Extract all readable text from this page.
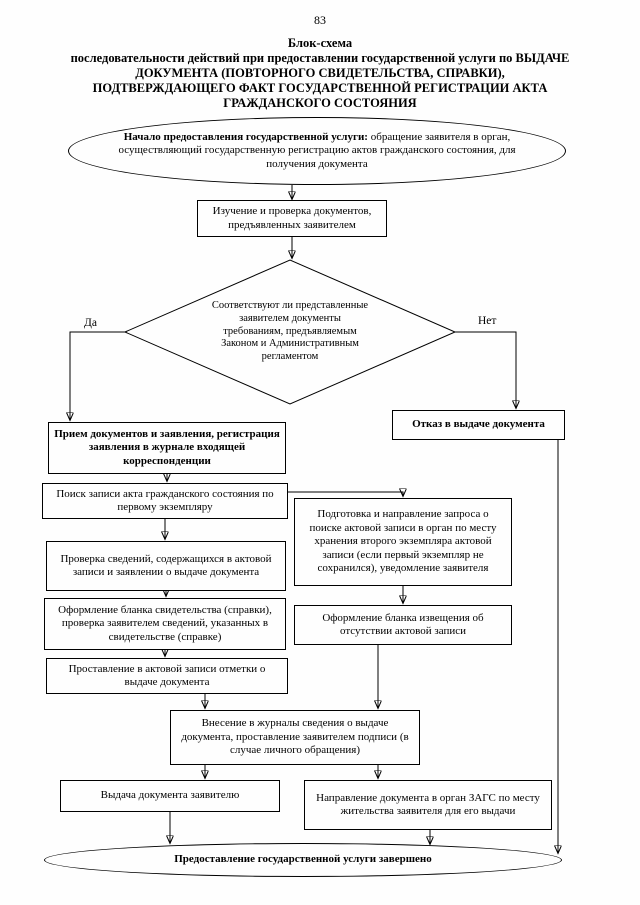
83
Блок-схема
последовательности действий при предоставлении государственной услуги по ВЫДАЧЕ
ДОКУМЕНТА (ПОВТОРНОГО СВИДЕТЕЛЬСТВА, СПРАВКИ),
ПОДТВЕРЖДАЮЩЕГО ФАКТ ГОСУДАРСТВЕННОЙ РЕГИСТРАЦИИ АКТА
ГРАЖДАНСКОГО СОСТОЯНИЯ
Начало предоставления государственной услуги: обращение заявителя в орган, осуществляющий государственную регистрацию актов гражданского состояния, для получения документа
Изучение и проверка документов, предъявленных заявителем
Соответствуют ли представленные заявителем документы требованиям, предъявляемым Законом и Административным регламентом
Да	Нет
Прием документов и заявления, регистрация заявления в журнале входящей корреспонденции
Отказ в выдаче документа
Поиск записи акта гражданского состояния по первому экземпляру
Подготовка и направление запроса о поиске актовой записи в орган по месту хранения второго экземпляра актовой записи (если первый экземпляр не сохранился), уведомление заявителя
Проверка сведений, содержащихся в актовой записи и заявлении о выдаче документа
Оформление бланка свидетельства (справки), проверка заявителем сведений, указанных в свидетельстве (справке)
Оформление бланка извещения об отсутствии актовой записи
Проставление в актовой записи отметки о выдаче документа
Внесение в журналы сведения о выдаче документа, проставление заявителем подписи (в случае личного обращения)
Выдача документа заявителю	Направление документа в орган ЗАГС по месту жительства заявителя для его выдачи
Предоставление государственной услуги завершено
